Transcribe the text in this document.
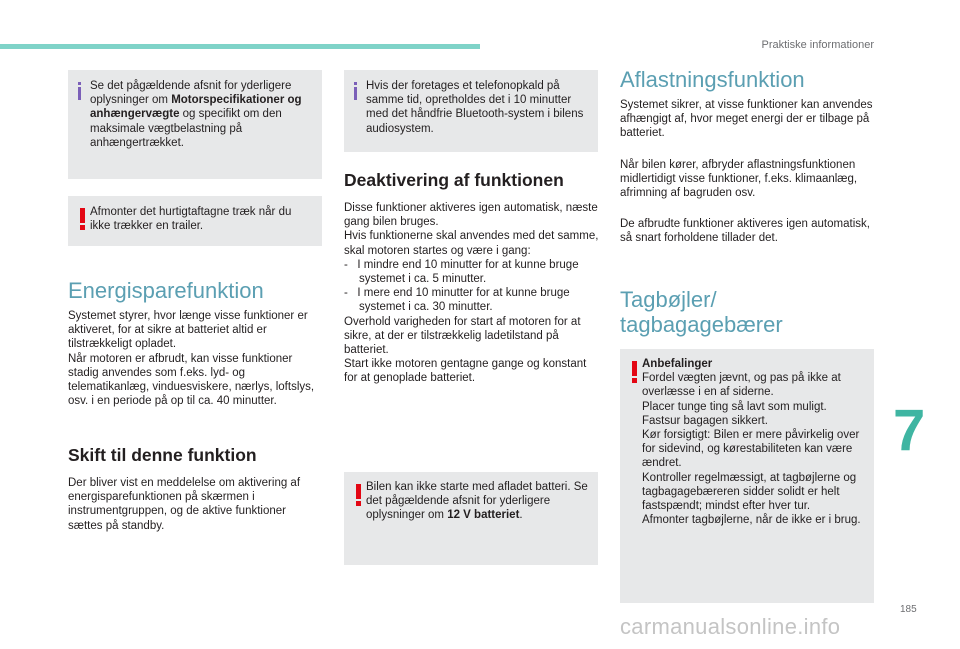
Praktiske informationer
Se det pågældende afsnit for yderligere oplysninger om Motorspecifikationer og anhængervægte og specifikt om den maksimale vægtbelastning på anhængertrækket.
Afmonter det hurtigtaftagne træk når du ikke trækker en trailer.
Energisparefunktion
Systemet styrer, hvor længe visse funktioner er aktiveret, for at sikre at batteriet altid er tilstrækkeligt opladet.
Når motoren er afbrudt, kan visse funktioner stadig anvendes som f.eks. lyd- og telematikanlæg, vinduesviskere, nærlys, loftslys, osv. i en periode på op til ca. 40 minutter.
Skift til denne funktion
Der bliver vist en meddelelse om aktivering af energisparefunktionen på skærmen i instrumentgruppen, og de aktive funktioner sættes på standby.
Hvis der foretages et telefonopkald på samme tid, opretholdes det i 10 minutter med det håndfrie Bluetooth-system i bilens audiosystem.
Deaktivering af funktionen
Disse funktioner aktiveres igen automatisk, næste gang bilen bruges.
Hvis funktionerne skal anvendes med det samme, skal motoren startes og være i gang:
-   I mindre end 10 minutter for at kunne bruge systemet i ca. 5 minutter.
-   I mere end 10 minutter for at kunne bruge systemet i ca. 30 minutter.
Overhold varigheden for start af motoren for at sikre, at der er tilstrækkelig ladetilstand på batteriet.
Start ikke motoren gentagne gange og konstant for at genoplade batteriet.
Bilen kan ikke starte med afladet batteri. Se det pågældende afsnit for yderligere oplysninger om 12 V batteriet.
Aflastningsfunktion
Systemet sikrer, at visse funktioner kan anvendes afhængigt af, hvor meget energi der er tilbage på batteriet.
Når bilen kører, afbryder aflastningsfunktionen midlertidigt visse funktioner, f.eks. klimaanlæg, afrimning af bagruden osv.
De afbrudte funktioner aktiveres igen automatisk, så snart forholdene tillader det.
Tagbøjler/
tagbagagebærer
Anbefalinger
Fordel vægten jævnt, og pas på ikke at overlæsse i en af siderne.
Placer tunge ting så lavt som muligt.
Fastsur bagagen sikkert.
Kør forsigtigt: Bilen er mere påvirkelig over for sidevind, og kørestabiliteten kan være ændret.
Kontroller regelmæssigt, at tagbøjlerne og tagbagagebæreren sidder solidt er helt fastspændt; mindst efter hver tur.
Afmonter tagbøjlerne, når de ikke er i brug.
7
185
carmanualsonline.info
